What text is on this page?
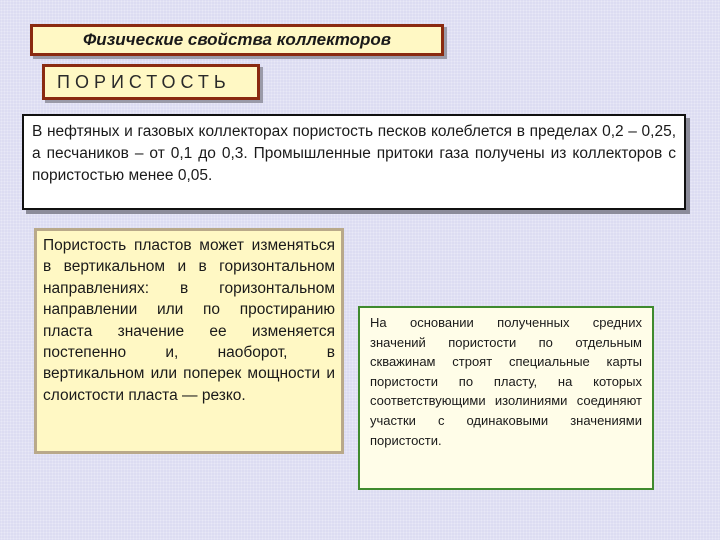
Физические свойства коллекторов
ПОРИСТОСТЬ
В нефтяных и газовых коллекторах пористость песков колеблется в пределах 0,2 – 0,25, а песчаников – от 0,1 до 0,3. Промышленные притоки газа получены из коллекторов с пористостью менее 0,05.
Пористость пластов может изменяться в вертикальном и в горизонтальном направлениях: в горизонтальном направлении или по простиранию пласта значение ее изменяется постепенно и, наоборот, в вертикальном или поперек мощности и слоистости пласта — резко.
На основании полученных средних значений пористости по отдельным скважинам строят специальные карты пористости по пласту, на которых соответствующими изолиниями соединяют участки с одинаковыми значениями пористости.
